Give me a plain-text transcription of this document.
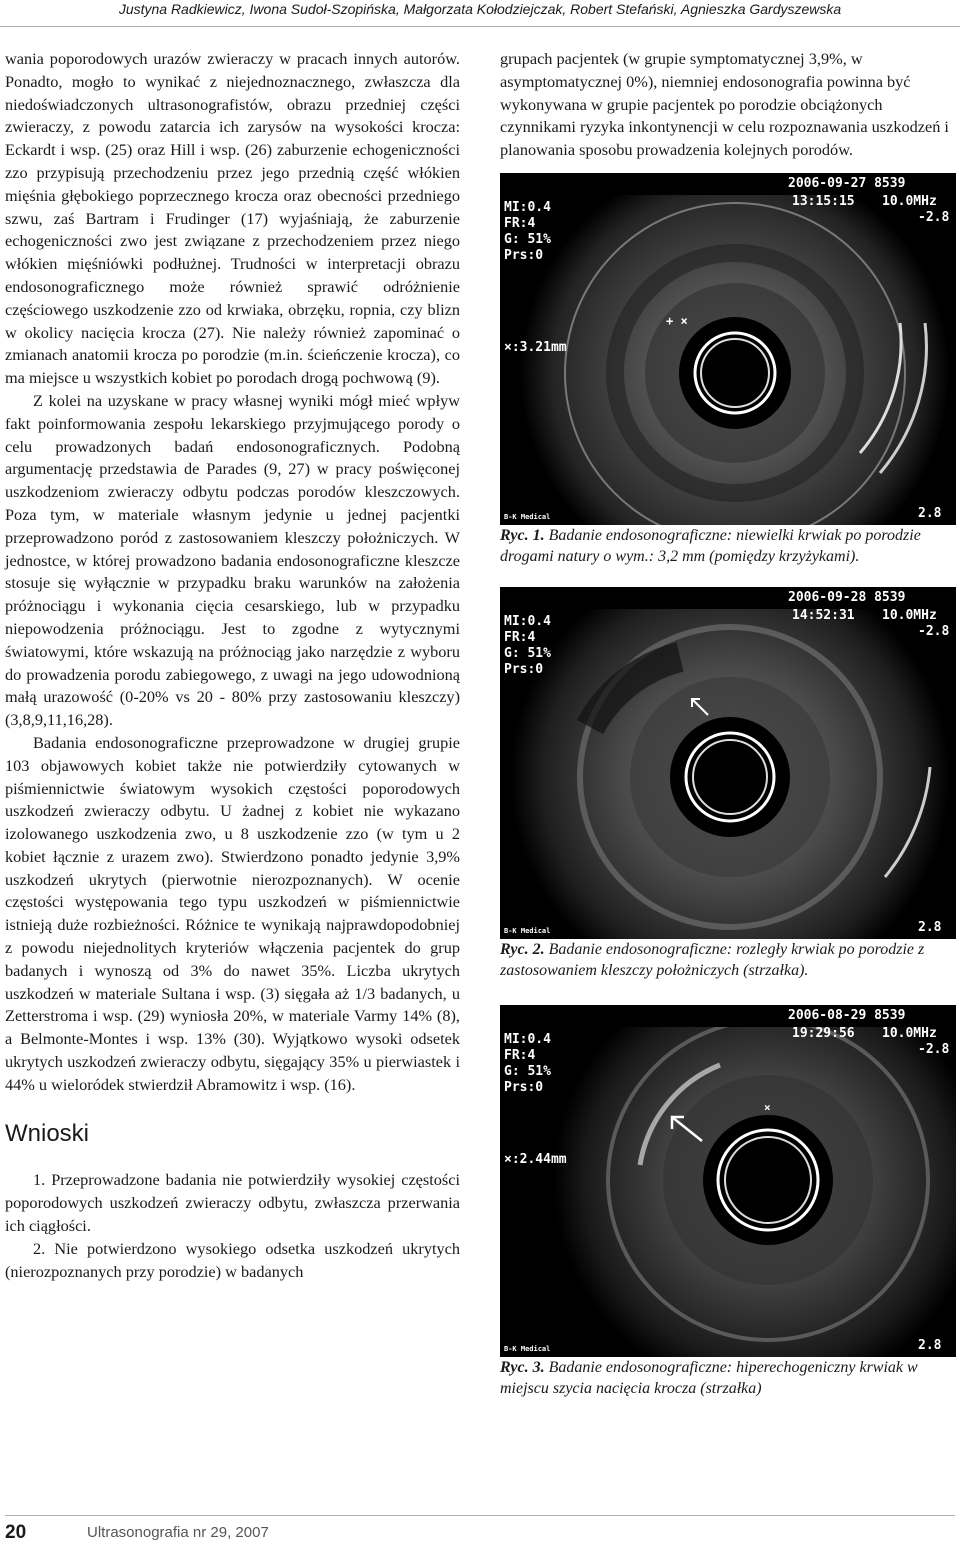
Justyna Radkiewicz, Iwona Sudoł-Szopińska, Małgorzata Kołodziejczak, Robert Stefański, Agnieszka Gardyszewska

wania poporodowych urazów zwieraczy w pracach innych autorów. Ponadto, mogło to wynikać z niejednoznacznego, zwłaszcza dla niedoświadczonych ultrasonografistów, obrazu przedniej części zwieraczy, z powodu zatarcia ich zarysów na wysokości krocza: Eckardt i wsp. (25) oraz Hill i wsp. (26) zaburzenie echogeniczności zzo przypisują przechodzeniu przez jego przednią część włókien mięśnia głębokiego poprzecznego krocza oraz obecności przedniego szwu, zaś Bartram i Frudinger (17) wyjaśniają, że zaburzenie echogeniczności zwo jest związane z przechodzeniem przez niego włókien mięśniówki podłużnej. Trudności w interpretacji obrazu endosonograficznego może również sprawić odróżnienie częściowego uszkodzenie zzo od krwiaka, obrzęku, ropnia, czy blizn w okolicy nacięcia krocza (27). Nie należy również zapominać o zmianach anatomii krocza po porodzie (m.in. ścieńczenie krocza), co ma miejsce u wszystkich kobiet po porodach drogą pochwową (9).

Z kolei na uzyskane w pracy własnej wyniki mógł mieć wpływ fakt poinformowania zespołu lekarskiego przyjmującego porody o celu prowadzonych badań endosonograficznych. Podobną argumentację przedstawia de Parades (9, 27) w pracy poświęconej uszkodzeniom zwieraczy odbytu podczas porodów kleszczowych. Poza tym, w materiale własnym jedynie u jednej pacjentki przeprowadzono poród z zastosowaniem kleszczy położniczych. W jednostce, w której prowadzono badania endosonograficzne kleszcze stosuje się wyłącznie w przypadku braku warunków na założenia próżnociągu i wykonania cięcia cesarskiego, lub w przypadku niepowodzenia próżnociągu. Jest to zgodne z wytycznymi światowymi, które wskazują na próżnociąg jako narzędzie z wyboru do prowadzenia porodu zabiegowego, z uwagi na jego udowodnioną małą urazowość (0-20% vs 20 - 80% przy zastosowaniu kleszczy) (3,8,9,11,16,28).

Badania endosonograficzne przeprowadzone w drugiej grupie 103 objawowych kobiet także nie potwierdziły cytowanych w piśmiennictwie światowym wysokich częstości poporodowych uszkodzeń zwieraczy odbytu. U żadnej z kobiet nie wykazano izolowanego uszkodzenia zwo, u 8 uszkodzenie zzo (w tym u 2 kobiet łącznie z urazem zwo). Stwierdzono ponadto jedynie 3,9% uszkodzeń ukrytych (pierwotnie nierozpoznanych). W ocenie częstości występowania tego typu uszkodzeń w piśmiennictwie istnieją duże rozbieżności. Różnice te wynikają najprawdopodobniej z powodu niejednolitych kryteriów włączenia pacjentek do grup badanych i wynoszą od 3% do nawet 35%. Liczba ukrytych uszkodzeń w materiale Sultana i wsp. (3) sięgała aż 1/3 badanych, u Zetterstroma i wsp. (29) wyniosła 20%, w materiale Varmy 14% (8), a Belmonte-Montes i wsp. 13% (30). Wyjątkowo wysoki odsetek ukrytych uszkodzeń zwieraczy odbytu, sięgający 35% u pierwiastek i 44% u wieloródek stwierdził Abramowitz i wsp. (16).

Wnioski

1. Przeprowadzone badania nie potwierdziły wysokiej częstości poporodowych uszkodzeń zwieraczy odbytu, zwłaszcza przerwania ich ciągłości.

2. Nie potwierdzono wysokiego odsetka uszkodzeń ukrytych (nierozpoznanych przy porodzie) w badanych

grupach pacjentek (w grupie symptomatycznej 3,9%, w asymptomatycznej 0%), niemniej endosonografia powinna być wykonywana w grupie pacjentek po porodzie obciążonych czynnikami ryzyka inkontynencji w celu rozpoznawania uszkodzeń i planowania sposobu prowadzenia kolejnych porodów.

2006-09-27 8539
13:15:15 10.0MHz
-2.8
MI:0.4
FR:4
G: 51%
Prs:0
+ ×
×:3.21mm
2.8
B-K Medical

Ryc. 1. Badanie endosonograficzne: niewielki krwiak po porodzie drogami natury o wym.: 3,2 mm (pomiędzy krzyżykami).

2006-09-28 8539
14:52:31 10.0MHz
-2.8
MI:0.4
FR:4
G: 51%
Prs:0
2.8
B-K Medical

Ryc. 2. Badanie endosonograficzne: rozległy krwiak po porodzie z zastosowaniem kleszczy położniczych (strzałka).

2006-08-29 8539
19:29:56 10.0MHz
-2.8
MI:0.4
FR:4
G: 51%
Prs:0
×
×:2.44mm
2.8
B-K Medical

Ryc. 3. Badanie endosonograficzne: hiperechogeniczny krwiak w miejscu szycia nacięcia krocza (strzałka)

20	Ultrasonografia nr 29, 2007
